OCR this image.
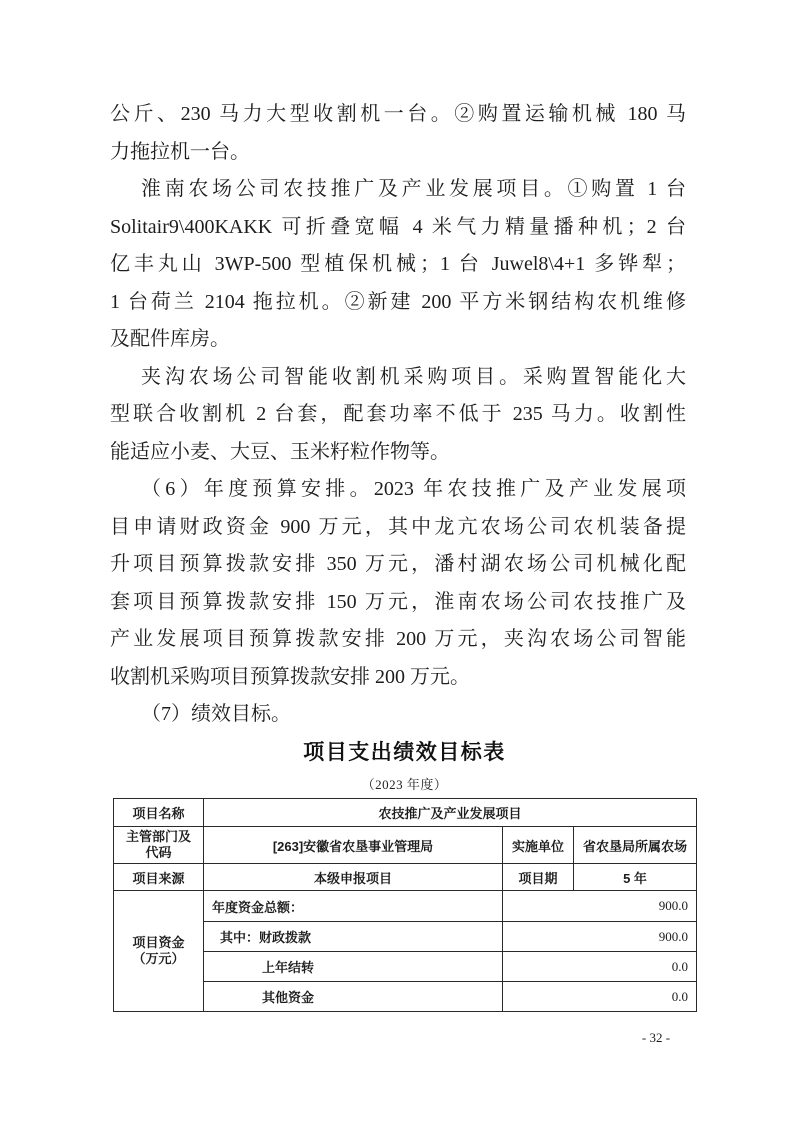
公斤、230 马力大型收割机一台。②购置运输机械 180 马
力拖拉机一台。
淮南农场公司农技推广及产业发展项目。①购置 1 台
Solitair9\400KAKK 可折叠宽幅 4 米气力精量播种机；2 台
亿丰丸山 3WP-500 型植保机械；1 台 Juwel8\4+1 多铧犁；
1 台荷兰 2104 拖拉机。②新建 200 平方米钢结构农机维修
及配件库房。
夹沟农场公司智能收割机采购项目。采购置智能化大
型联合收割机 2 台套，配套功率不低于 235 马力。收割性
能适应小麦、大豆、玉米籽粒作物等。
（6）年度预算安排。2023 年农技推广及产业发展项
目申请财政资金 900 万元，其中龙亢农场公司农机装备提
升项目预算拨款安排 350 万元，潘村湖农场公司机械化配
套项目预算拨款安排 150 万元，淮南农场公司农技推广及
产业发展项目预算拨款安排 200 万元，夹沟农场公司智能
收割机采购项目预算拨款安排 200 万元。
（7）绩效目标。
项目支出绩效目标表
（2023 年度）
项目名称	农技推广及产业发展项目		

主管部门及
代码	[263]安徽省农垦事业管理局	实施单位	省农垦局所属农场
项目来源	本级申报项目	项目期	5 年

项目资金
（万元）	年度资金总额：	900.0	
	其中：财政拨款	900.0	
	上年结转	0.0	
	其他资金	0.0	
- 32 -
